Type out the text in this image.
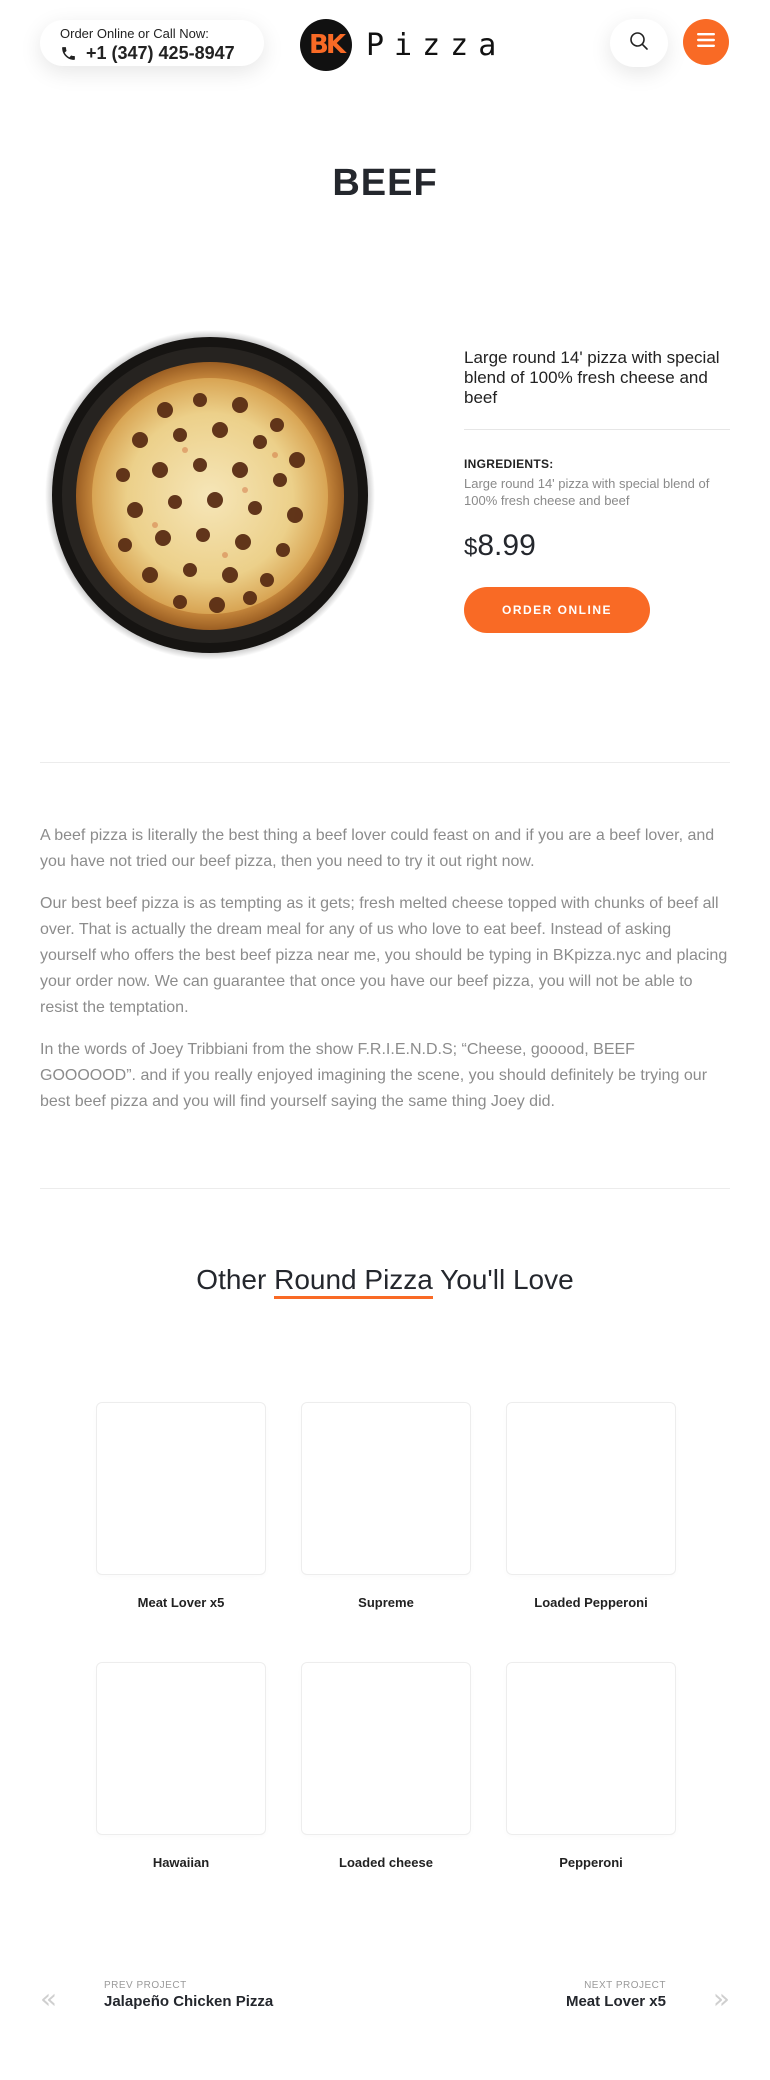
Order Online or Call Now:
+1 (347) 425-8947	BK Pizza
BEEF
Large round 14' pizza with special blend of 100% fresh cheese and beef
INGREDIENTS:
Large round 14' pizza with special blend of 100% fresh cheese and beef
$8.99
ORDER ONLINE

A beef pizza is literally the best thing a beef lover could feast on and if you are a beef lover, and you have not tried our beef pizza, then you need to try it out right now.

Our best beef pizza is as tempting as it gets; fresh melted cheese topped with chunks of beef all over. That is actually the dream meal for any of us who love to eat beef. Instead of asking yourself who offers the best beef pizza near me, you should be typing in BKpizza.nyc and placing your order now. We can guarantee that once you have our beef pizza, you will not be able to resist the temptation.

In the words of Joey Tribbiani from the show F.R.I.E.N.D.S; “Cheese, gooood, BEEF GOOOOOD”. and if you really enjoyed imagining the scene, you should definitely be trying our best beef pizza and you will find yourself saying the same thing Joey did.

Other Round Pizza You'll Love
Meat Lover x5	Supreme	Loaded Pepperoni
Hawaiian	Loaded cheese	Pepperoni
«	PREV PROJECT
Jalapeño Chicken Pizza
NEXT PROJECT
Meat Lover x5 »
